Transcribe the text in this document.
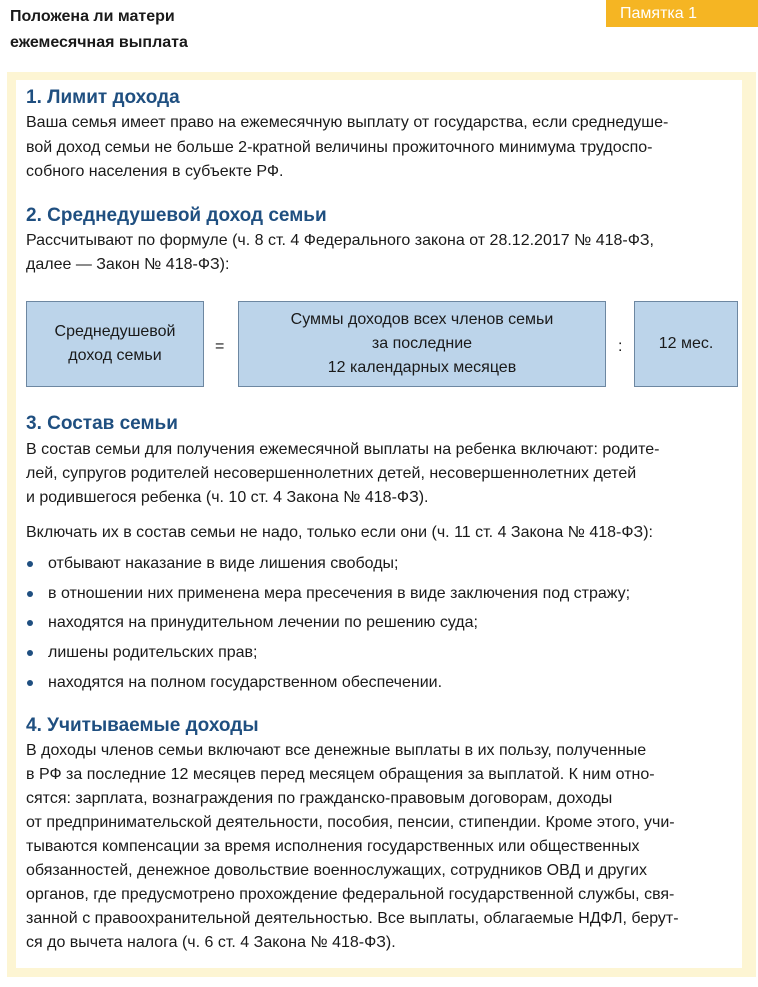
Положена ли матери
ежемесячная выплата
Памятка 1
1. Лимит дохода
Ваша семья имеет право на ежемесячную выплату от государства, если среднедуше-
вой доход семьи не больше 2-кратной величины прожиточного минимума трудоспо-
собного населения в субъекте РФ.
2. Среднедушевой доход семьи
Рассчитывают по формуле (ч. 8 ст. 4 Федерального закона от 28.12.2017 № 418-ФЗ,
далее — Закон № 418-ФЗ):
Среднедушевой
доход семьи
=
Суммы доходов всех членов семьи
за последние
12 календарных месяцев
: 12 мес.
3. Состав семьи
В состав семьи для получения ежемесячной выплаты на ребенка включают: родите-
лей, супругов родителей несовершеннолетних детей, несовершеннолетних детей
и родившегося ребенка (ч. 10 ст. 4 Закона № 418-ФЗ).
Включать их в состав семьи не надо, только если они (ч. 11 ст. 4 Закона № 418-ФЗ):
отбывают наказание в виде лишения свободы;
в отношении них применена мера пресечения в виде заключения под стражу;
находятся на принудительном лечении по решению суда;
лишены родительских прав;
находятся на полном государственном обеспечении.
4. Учитываемые доходы
В доходы членов семьи включают все денежные выплаты в их пользу, полученные
в РФ за последние 12 месяцев перед месяцем обращения за выплатой. К ним отно-
сятся: зарплата, вознаграждения по гражданско-правовым договорам, доходы
от предпринимательской деятельности, пособия, пенсии, стипендии. Кроме этого, учи-
тываются компенсации за время исполнения государственных или общественных
обязанностей, денежное довольствие военнослужащих, сотрудников ОВД и других
органов, где предусмотрено прохождение федеральной государственной службы, свя-
занной с правоохранительной деятельностью. Все выплаты, облагаемые НДФЛ, берут-
ся до вычета налога (ч. 6 ст. 4 Закона № 418-ФЗ).
